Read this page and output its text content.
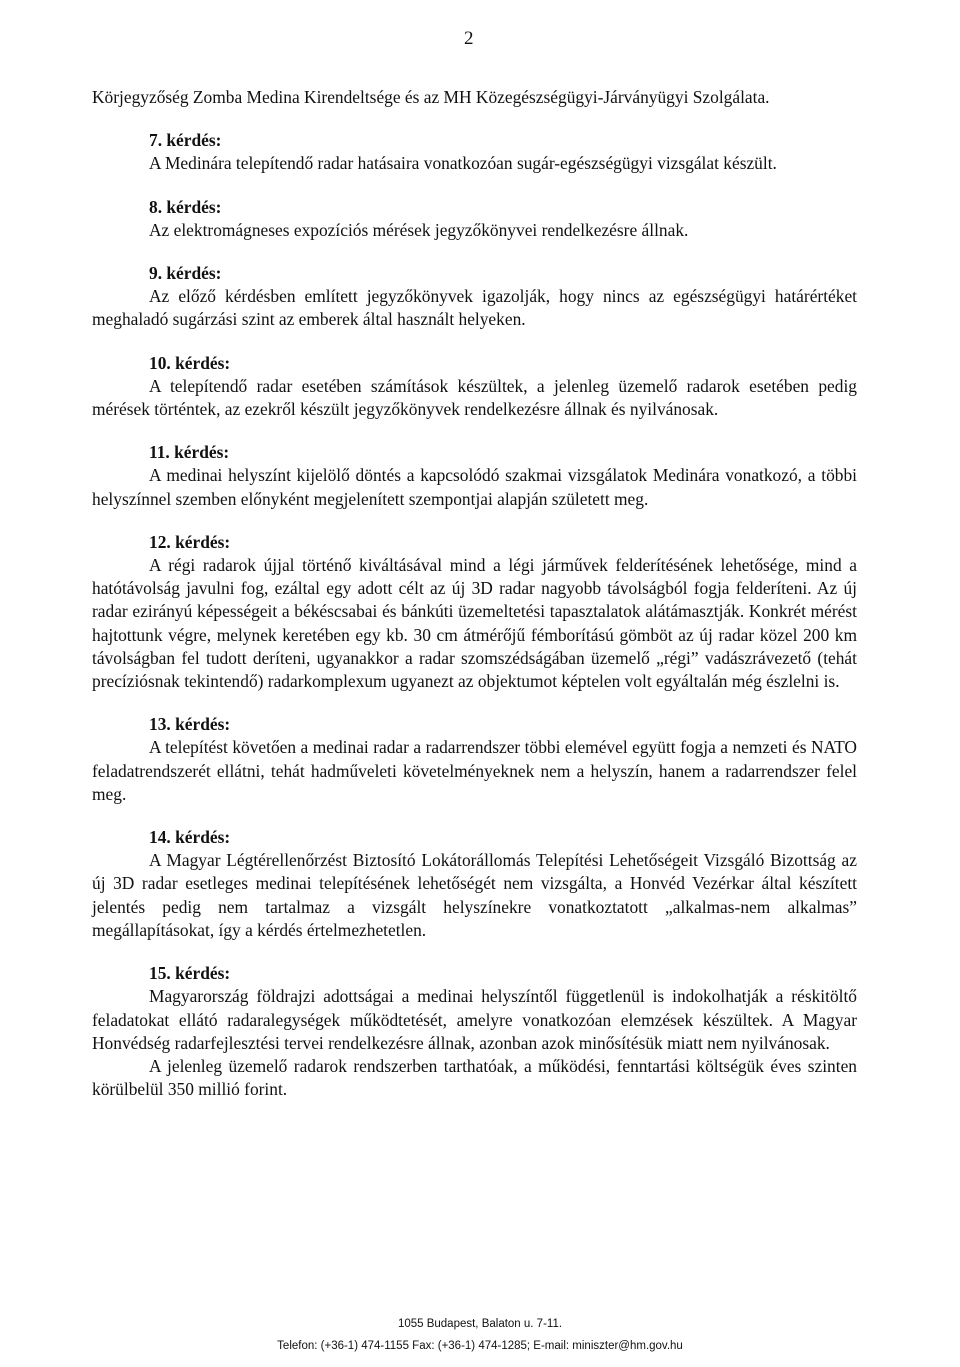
2

Körjegyzőség Zomba Medina Kirendeltsége és az MH Közegészségügyi-Járványügyi Szolgálata.

7. kérdés:

A Medinára telepítendő radar hatásaira vonatkozóan sugár-egészségügyi vizsgálat készült.

8. kérdés:

Az elektromágneses expozíciós mérések jegyzőkönyvei rendelkezésre állnak.

9. kérdés:

Az előző kérdésben említett jegyzőkönyvek igazolják, hogy nincs az egészségügyi határértéket meghaladó sugárzási szint az emberek által használt helyeken.

10. kérdés:

A telepítendő radar esetében számítások készültek, a jelenleg üzemelő radarok esetében pedig mérések történtek, az ezekről készült jegyzőkönyvek rendelkezésre állnak és nyilvánosak.

11. kérdés:

A medinai helyszínt kijelölő döntés a kapcsolódó szakmai vizsgálatok Medinára vonatkozó, a többi helyszínnel szemben előnyként megjelenített szempontjai alapján született meg.

12. kérdés:

A régi radarok újjal történő kiváltásával mind a légi járművek felderítésének lehetősége, mind a hatótávolság javulni fog, ezáltal egy adott célt az új 3D radar nagyobb távolságból fogja felderíteni. Az új radar ezirányú képességeit a békéscsabai és bánkúti üzemeltetési tapasztalatok alátámasztják. Konkrét mérést hajtottunk végre, melynek keretében egy kb. 30 cm átmérőjű fémborítású gömböt az új radar közel 200 km távolságban fel tudott deríteni, ugyanakkor a radar szomszédságában üzemelő „régi” vadászrávezető (tehát precíziósnak tekintendő) radarkomplexum ugyanezt az objektumot képtelen volt egyáltalán még észlelni is.

13. kérdés:

A telepítést követően a medinai radar a radarrendszer többi elemével együtt fogja a nemzeti és NATO feladatrendszerét ellátni, tehát hadműveleti követelményeknek nem a helyszín, hanem a radarrendszer felel meg.

14. kérdés:

A Magyar Légtérellenőrzést Biztosító Lokátorállomás Telepítési Lehetőségeit Vizsgáló Bizottság az új 3D radar esetleges medinai telepítésének lehetőségét nem vizsgálta, a Honvéd Vezérkar által készített jelentés pedig nem tartalmaz a vizsgált helyszínekre vonatkoztatott „alkalmas-nem alkalmas” megállapításokat, így a kérdés értelmezhetetlen.

15. kérdés:

Magyarország földrajzi adottságai a medinai helyszíntől függetlenül is indokolhatják a réskitöltő feladatokat ellátó radaralegységek működtetését, amelyre vonatkozóan elemzések készültek. A Magyar Honvédség radarfejlesztési tervei rendelkezésre állnak, azonban azok minősítésük miatt nem nyilvánosak.

A jelenleg üzemelő radarok rendszerben tarthatóak, a működési, fenntartási költségük éves szinten körülbelül 350 millió forint.

1055 Budapest, Balaton u. 7-11.
Telefon: (+36-1) 474-1155 Fax: (+36-1) 474-1285; E-mail: miniszter@hm.gov.hu
